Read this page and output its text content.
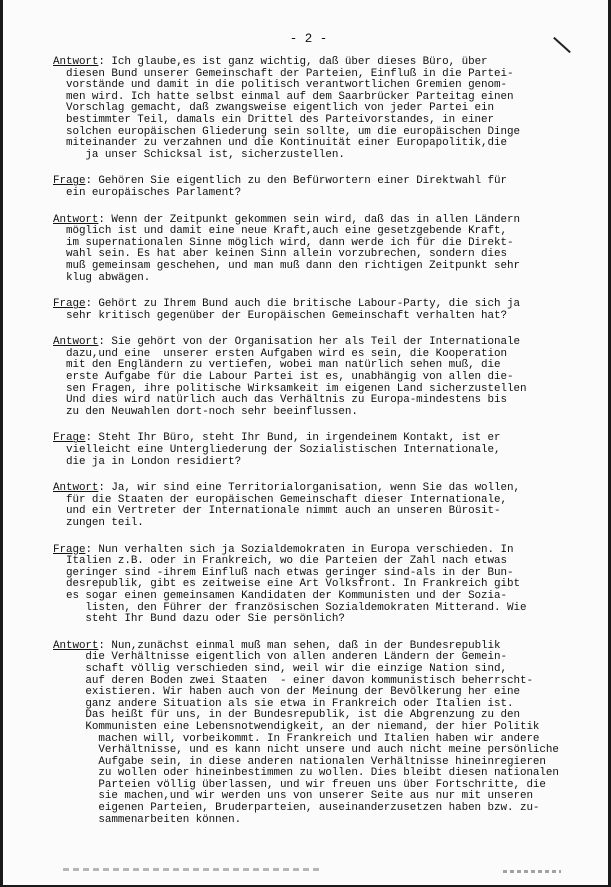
- 2 -
Antwort: Ich glaube,es ist ganz wichtig, daß über dieses Büro, über
diesen Bund unserer Gemeinschaft der Parteien, Einfluß in die Partei-
vorstände und damit in die politisch verantwortlichen Gremien genom-
men wird. Ich hatte selbst einmal auf dem Saarbrücker Parteitag einen
Vorschlag gemacht, daß zwangsweise eigentlich von jeder Partei ein
bestimmter Teil, damals ein Drittel des Parteivorstandes, in einer
solchen europäischen Gliederung sein sollte, um die europäischen Dinge
miteinander zu verzahnen und die Kontinuität einer Europapolitik,die
ja unser Schicksal ist, sicherzustellen.
Frage: Gehören Sie eigentlich zu den Befürwortern einer Direktwahl für
ein europäisches Parlament?
Antwort: Wenn der Zeitpunkt gekommen sein wird, daß das in allen Ländern
möglich ist und damit eine neue Kraft,auch eine gesetzgebende Kraft,
im supernationalen Sinne möglich wird, dann werde ich für die Direkt-
wahl sein. Es hat aber keinen Sinn allein vorzubrechen, sondern dies
muß gemeinsam geschehen, und man muß dann den richtigen Zeitpunkt sehr
klug abwägen.
Frage: Gehört zu Ihrem Bund auch die britische Labour-Party, die sich ja
sehr kritisch gegenüber der Europäischen Gemeinschaft verhalten hat?
Antwort: Sie gehört von der Organisation her als Teil der Internationale
dazu,und eine  unserer ersten Aufgaben wird es sein, die Kooperation
mit den Engländern zu vertiefen, wobei man natürlich sehen muß, die
erste Aufgabe für die Labour Partei ist es, unabhängig von allen die-
sen Fragen, ihre politische Wirksamkeit im eigenen Land sicherzustellen
Und dies wird natürlich auch das Verhältnis zu Europa-mindestens bis
zu den Neuwahlen dort-noch sehr beeinflussen.
Frage: Steht Ihr Büro, steht Ihr Bund, in irgendeinem Kontakt, ist er
vielleicht eine Untergliederung der Sozialistischen Internationale,
die ja in London residiert?
Antwort: Ja, wir sind eine Territorialorganisation, wenn Sie das wollen,
für die Staaten der europäischen Gemeinschaft dieser Internationale,
und ein Vertreter der Internationale nimmt auch an unseren Bürosit-
zungen teil.
Frage: Nun verhalten sich ja Sozialdemokraten in Europa verschieden. In
Italien z.B. oder in Frankreich, wo die Parteien der Zahl nach etwas
geringer sind -ihrem Einfluß nach etwas geringer sind-als in der Bun-
desrepublik, gibt es zeitweise eine Art Volksfront. In Frankreich gibt
es sogar einen gemeinsamen Kandidaten der Kommunisten und der Sozia-
listen, den Führer der französischen Sozialdemokraten Mitterand. Wie
steht Ihr Bund dazu oder Sie persönlich?
Antwort: Nun,zunächst einmal muß man sehen, daß in der Bundesrepublik
die Verhältnisse eigentlich von allen anderen Ländern der Gemein-
schaft völlig verschieden sind, weil wir die einzige Nation sind,
auf deren Boden zwei Staaten  - einer davon kommunistisch beherrscht-
existieren. Wir haben auch von der Meinung der Bevölkerung her eine
ganz andere Situation als sie etwa in Frankreich oder Italien ist.
Das heißt für uns, in der Bundesrepublik, ist die Abgrenzung zu den
Kommunisten eine Lebensnotwendigkeit, an der niemand, der hier Politik
machen will, vorbeikommt. In Frankreich und Italien haben wir andere
Verhältnisse, und es kann nicht unsere und auch nicht meine persönliche
Aufgabe sein, in diese anderen nationalen Verhältnisse hineinregieren
zu wollen oder hineinbestimmen zu wollen. Dies bleibt diesen nationalen
Parteien völlig überlassen, und wir freuen uns über Fortschritte, die
sie machen,und wir werden uns von unserer Seite aus nur mit unseren
eigenen Parteien, Bruderparteien, auseinanderzusetzen haben bzw. zu-
sammenarbeiten können.
